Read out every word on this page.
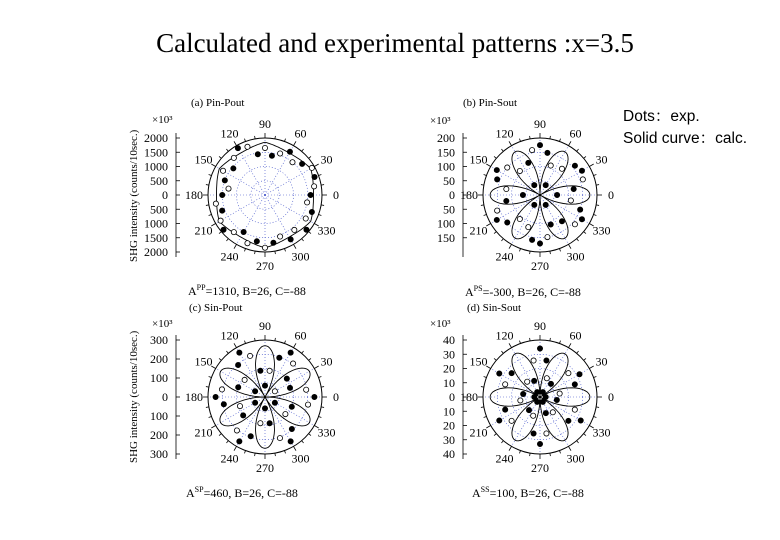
Calculated and experimental patterns :x=3.5
Dots：exp.
Solid curve：calc.
SHG intensity (counts/10sec.)
SHG intensity (counts/10sec.)
(b) Pin-Sout
×10³	90
120	60
150	30
180	0
210	330
240	300
270
200
150
100
50
0
50
100
150
$A^{PS}=-300$, B=26, C=-88
(a) Pin-Pout
×10³	90
120	60
150	30
180	0
210	330
240	300
270
2000
1500
1000
500
0
500
1000
1500
2000
$A^{PP}=1310$, B=26, C=-88
(c) Sin-Pout
×10³	90
120	60
150	30
180	0
210	330
240	300
270
300
200
100
0
100
200
300
$A^{SP}=460$, B=26, C=-88
(d) Sin-Sout
×10³	90
120	60
150	30
180	0
210	330
240	300
270
40
30
20
10
0
10
20
30
40
$A^{SS}=100$, B=26, C=-88
